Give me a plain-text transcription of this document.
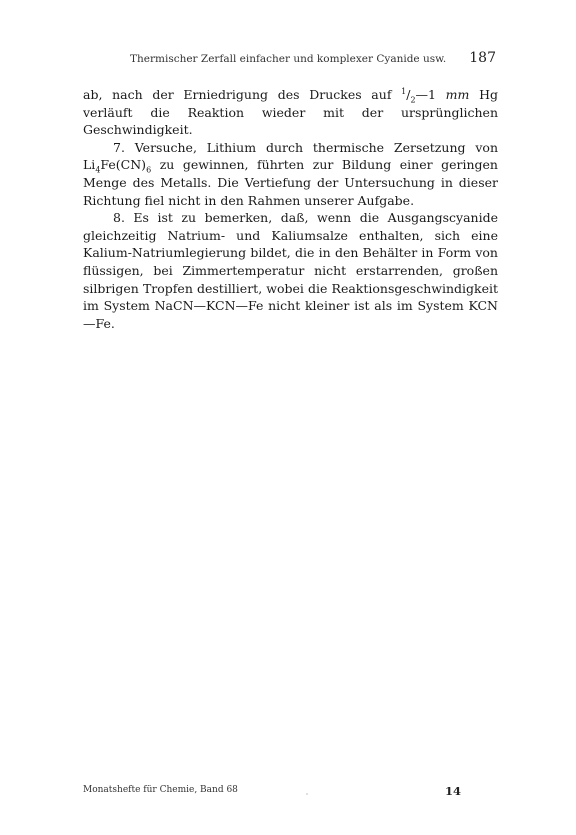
Thermischer Zerfall einfacher und komplexer Cyanide usw. 187

ab, nach der Erniedrigung des Druckes auf $^1/_2—1$ mm Hg verläuft die Reaktion wieder mit der ursprünglichen Geschwindigkeit.

7. Versuche, Lithium durch thermische Zersetzung von $Li_4Fe(CN)_6$ zu gewinnen, führten zur Bildung einer geringen Menge des Metalls. Die Vertiefung der Untersuchung in dieser Richtung fiel nicht in den Rahmen unserer Aufgabe.

8. Es ist zu bemerken, daß, wenn die Ausgangscyanide gleichzeitig Natrium- und Kaliumsalze enthalten, sich eine Kalium-Natriumlegierung bildet, die in den Behälter in Form von flüssigen, bei Zimmertemperatur nicht erstarrenden, großen silbrigen Tropfen destilliert, wobei die Reaktionsgeschwindigkeit im System NaCN—KCN—Fe nicht kleiner ist als im System KCN—Fe.

Monatshefte für Chemie, Band 68	14
